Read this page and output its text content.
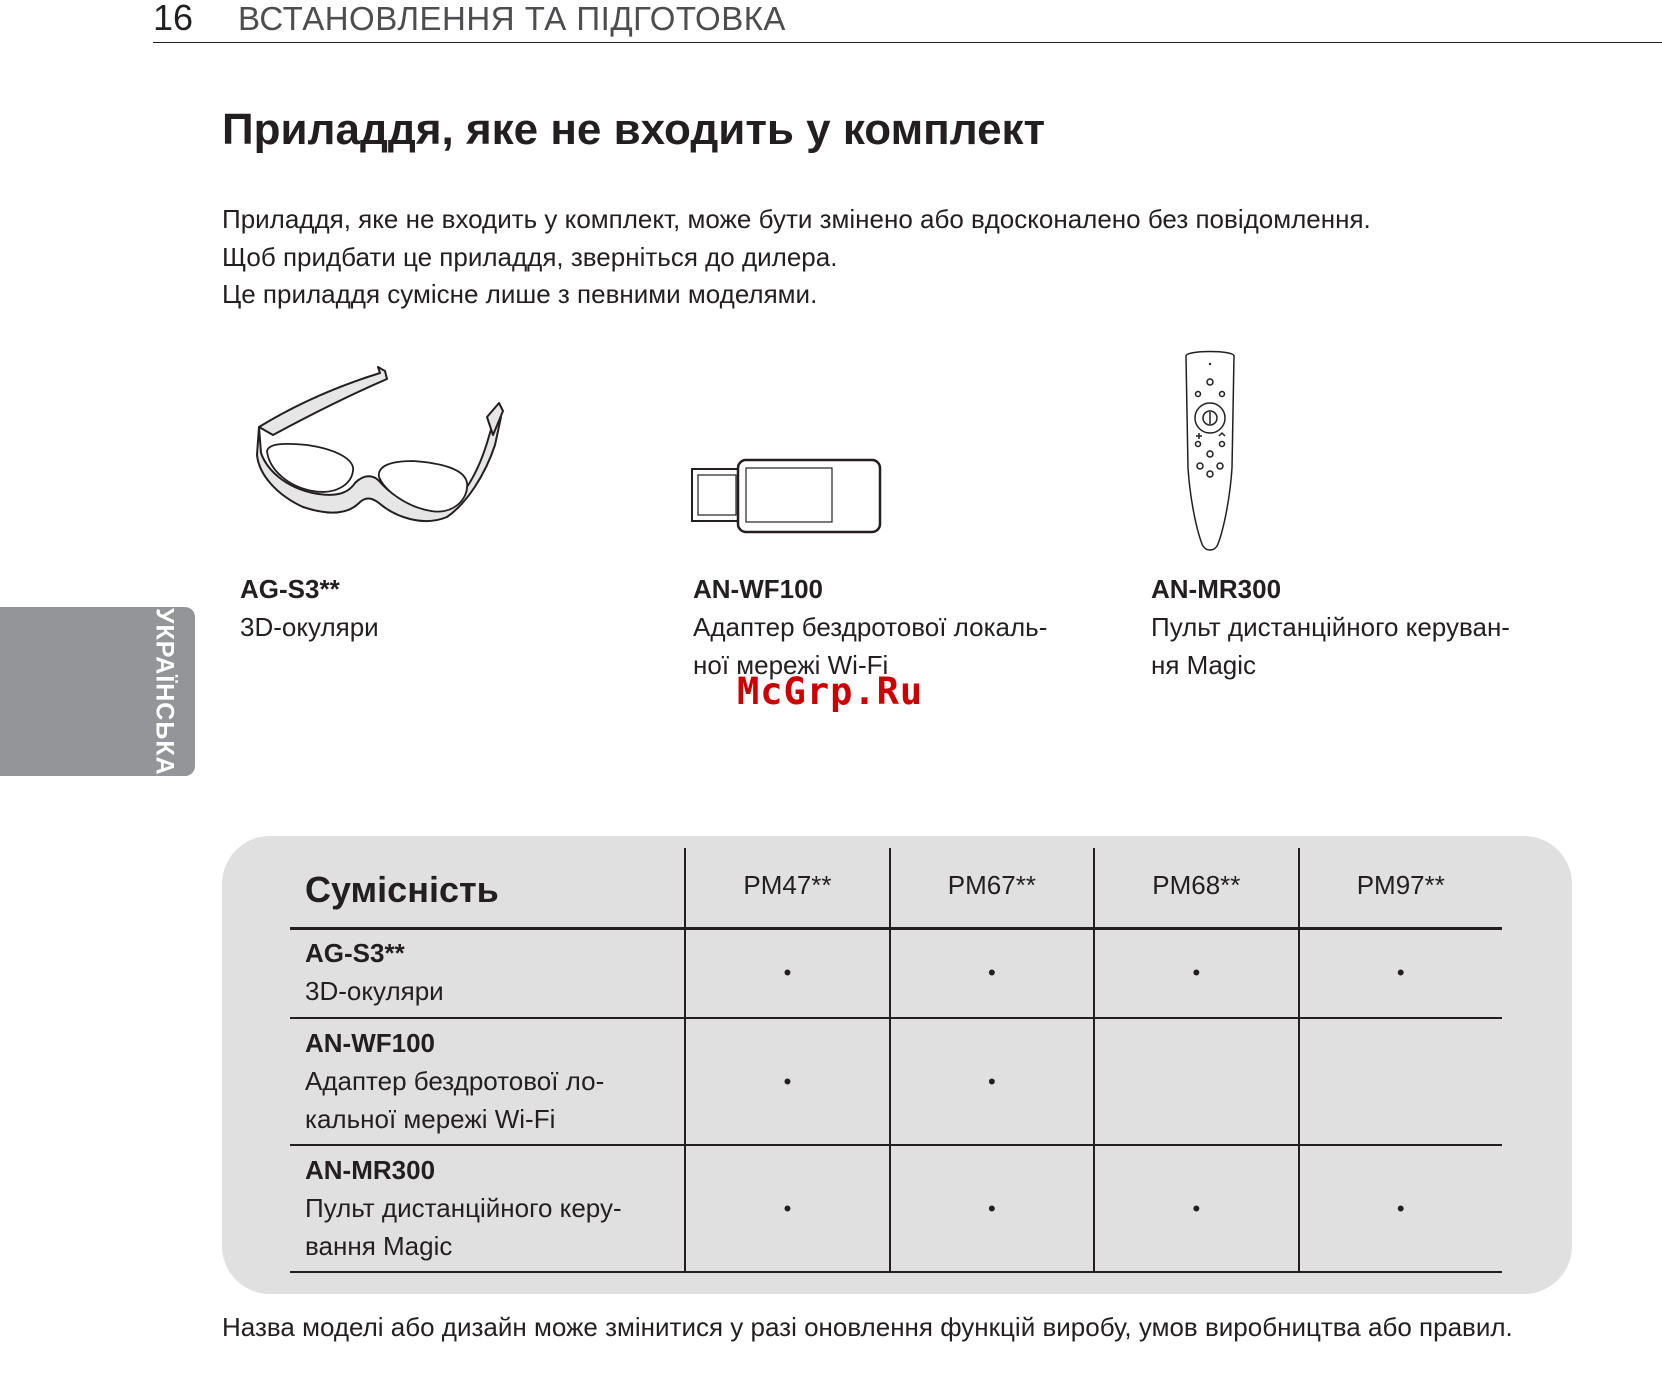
16 ВСТАНОВЛЕННЯ ТА ПІДГОТОВКА
Приладдя, яке не входить у комплект
Приладдя, яке не входить у комплект, може бути змінено або вдосконалено без повідомлення.
Щоб придбати це приладдя, зверніться до дилера.
Це приладдя сумісне лише з певними моделями.
УКРАЇНСЬКА
AG-S3**
3D-окуляри
AN-WF100
Адаптер бездротової локаль-
ної мережі Wi-Fi
AN-MR300
Пульт дистанційного керуван-
ня Magic
McGrp.Ru
Сумісність	PM47**	PM67**	PM68**	PM97**

AG-S3**
3D-окуляри	•	•	•	•

AN-WF100
Адаптер бездротової ло-
кальної мережі Wi-Fi	•	•		

AN-MR300
Пульт дистанційного керу-
вання Magic	•	•	•	•
Назва моделі або дизайн може змінитися у разі оновлення функцій виробу, умов виробництва або правил.
